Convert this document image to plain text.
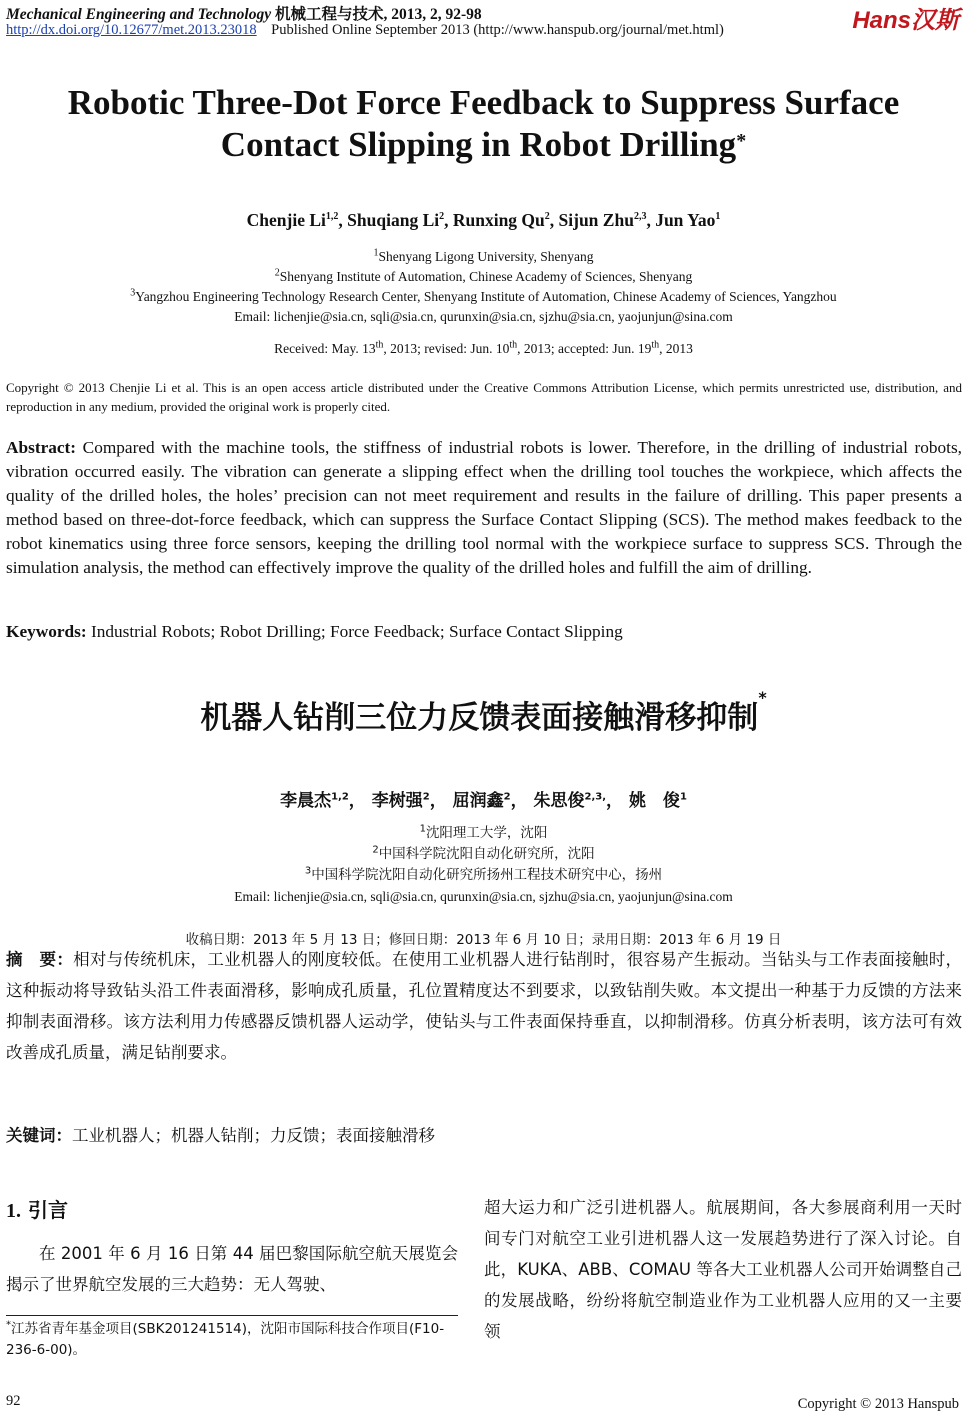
Mechanical Engineering and Technology 机械工程与技术, 2013, 2, 92-98
http://dx.doi.org/10.12677/met.2013.23018 Published Online September 2013 (http://www.hanspub.org/journal/met.html)	Hans汉斯
Robotic Three-Dot Force Feedback to Suppress Surface
Contact Slipping in Robot Drilling*
Chenjie Li$^{1,2}$, Shuqiang Li$^2$, Runxing Qu$^2$, Sijun Zhu$^{2,3}$, Jun Yao$^1$
$^1$Shenyang Ligong University, Shenyang
$^2$Shenyang Institute of Automation, Chinese Academy of Sciences, Shenyang
$^3$Yangzhou Engineering Technology Research Center, Shenyang Institute of Automation, Chinese Academy of Sciences, Yangzhou
Email: lichenjie@sia.cn, sqli@sia.cn, qurunxin@sia.cn, sjzhu@sia.cn, yaojunjun@sina.com
Received: May. 13th, 2013; revised: Jun. 10th, 2013; accepted: Jun. 19th, 2013
Copyright © 2013 Chenjie Li et al. This is an open access article distributed under the Creative Commons Attribution License, which permits unrestricted use, distribution, and reproduction in any medium, provided the original work is properly cited.
Abstract: Compared with the machine tools, the stiffness of industrial robots is lower. Therefore, in the drilling of industrial robots, vibration occurred easily. The vibration can generate a slipping effect when the drilling tool touches the workpiece, which affects the quality of the drilled holes, the holes’ precision can not meet requirement and results in the failure of drilling. This paper presents a method based on three-dot-force feedback, which can suppress the Surface Contact Slipping (SCS). The method makes feedback to the robot kinematics using three force sensors, keeping the drilling tool normal with the workpiece surface to suppress SCS. Through the simulation analysis, the method can effectively improve the quality of the drilled holes and fulfill the aim of drilling.
Keywords: Industrial Robots; Robot Drilling; Force Feedback; Surface Contact Slipping
机器人钻削三位力反馈表面接触滑移抑制*
李晨杰$^{1,2}$， 李树强$^2$， 屈润鑫$^2$， 朱思俊$^{2,3,}$， 姚　俊$^1$
$^1$沈阳理工大学，沈阳
$^2$中国科学院沈阳自动化研究所，沈阳
$^3$中国科学院沈阳自动化研究所扬州工程技术研究中心，扬州
Email: lichenjie@sia.cn, sqli@sia.cn, qurunxin@sia.cn, sjzhu@sia.cn, yaojunjun@sina.com
收稿日期：2013 年 5 月 13 日；修回日期：2013 年 6 月 10 日；录用日期：2013 年 6 月 19 日
摘　要：相对与传统机床，工业机器人的刚度较低。在使用工业机器人进行钻削时，很容易产生振动。当钻头与工作表面接触时，这种振动将导致钻头沿工件表面滑移，影响成孔质量，孔位置精度达不到要求，以致钻削失败。本文提出一种基于力反馈的方法来抑制表面滑移。该方法利用力传感器反馈机器人运动学，使钻头与工件表面保持垂直，以抑制滑移。仿真分析表明，该方法可有效改善成孔质量，满足钻削要求。
关键词：工业机器人；机器人钻削；力反馈；表面接触滑移
1. 引言
在 2001 年 6 月 16 日第 44 届巴黎国际航空航天展览会揭示了世界航空发展的三大趋势：无人驾驶、
超大运力和广泛引进机器人。航展期间，各大参展商利用一天时间专门对航空工业引进机器人这一发展趋势进行了深入讨论。自此，KUKA、ABB、COMAU 等各大工业机器人公司开始调整自己的发展战略，纷纷将航空制造业作为工业机器人应用的又一主要领
*江苏省青年基金项目(SBK201241514)，沈阳市国际科技合作项目(F10-236-6-00)。
92	Copyright © 2013 Hanspub
